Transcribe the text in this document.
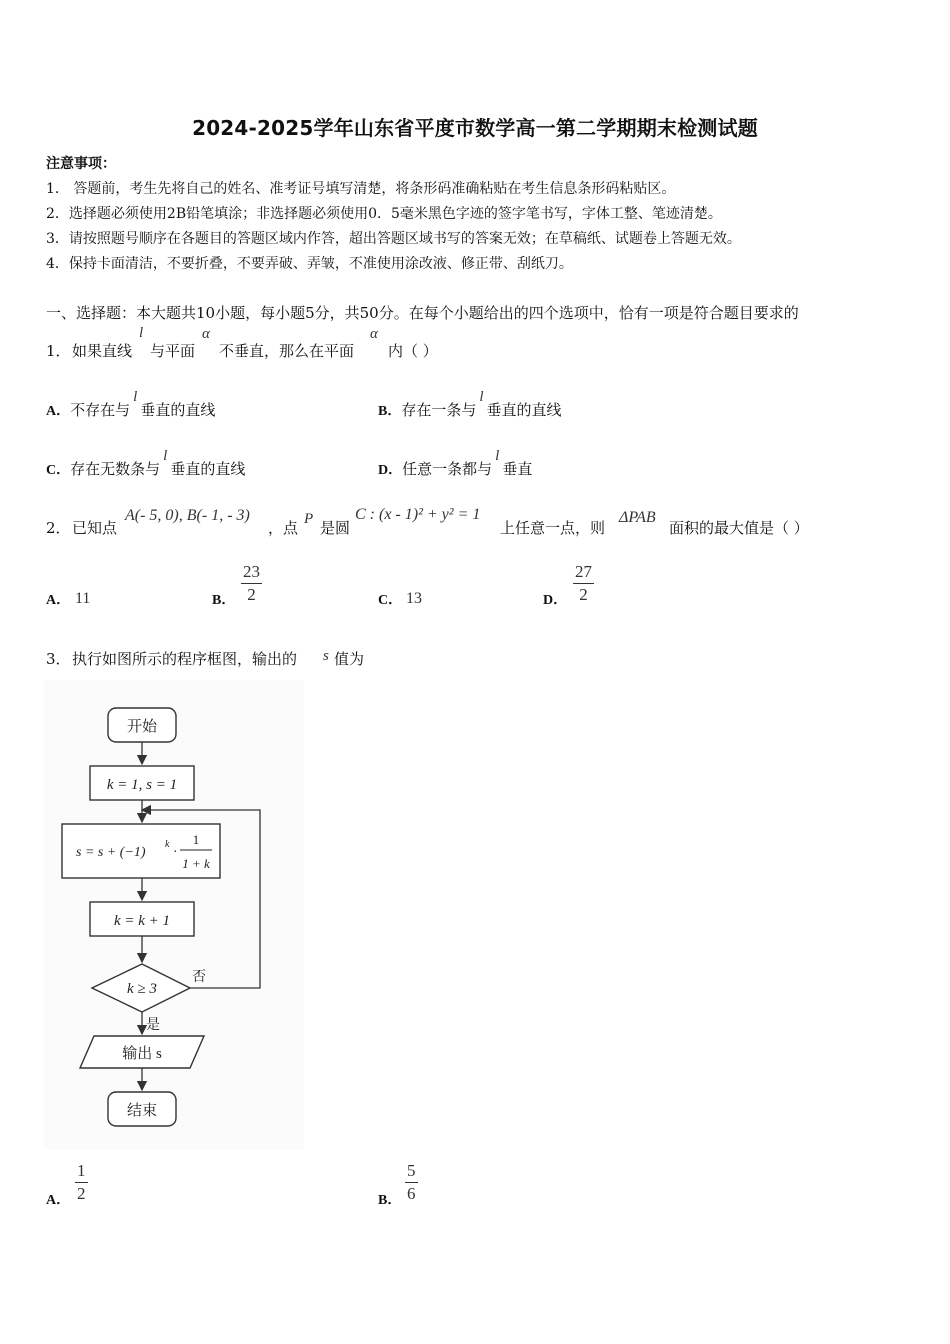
2024-2025学年山东省平度市数学高一第二学期期末检测试题
注意事项：
1． 答题前，考生先将自己的姓名、准考证号填写清楚，将条形码准确粘贴在考生信息条形码粘贴区。
2．选择题必须使用2B铅笔填涂；非选择题必须使用0．5毫米黑色字迹的签字笔书写，字体工整、笔迹清楚。
3．请按照题号顺序在各题目的答题区域内作答，超出答题区域书写的答案无效；在草稿纸、试题卷上答题无效。
4．保持卡面清洁，不要折叠，不要弄破、弄皱，不准使用涂改液、修正带、刮纸刀。
一、选择题：本大题共10小题，每小题5分，共50分。在每个小题给出的四个选项中，恰有一项是符合题目要求的
1． 如果直线
l
与平面
α
不垂直，那么在平面
α
内（ ）
A．不存在与l垂直的直线	B．存在一条与l垂直的直线
C．存在无数条与l垂直的直线	D．任意一条都与l垂直
2． 已知点
A(- 5, 0), B(- 1, - 3)
，点 P 是圆
C : (x - 1)² + y² = 1
上任意一点，则
ΔPAB
面积的最大值是（ ）
A． 11	B．
23
2	C． 13	D．
27
2
3． 执行如图所示的程序框图，输出的 s 值为
开始
k = 1, s = 1
s = s + (−1)
k
·
1
1 + k
k = k + 1
k ≥ 3
否
是
输出 s
结束
A．
1
2	B．
5
6
